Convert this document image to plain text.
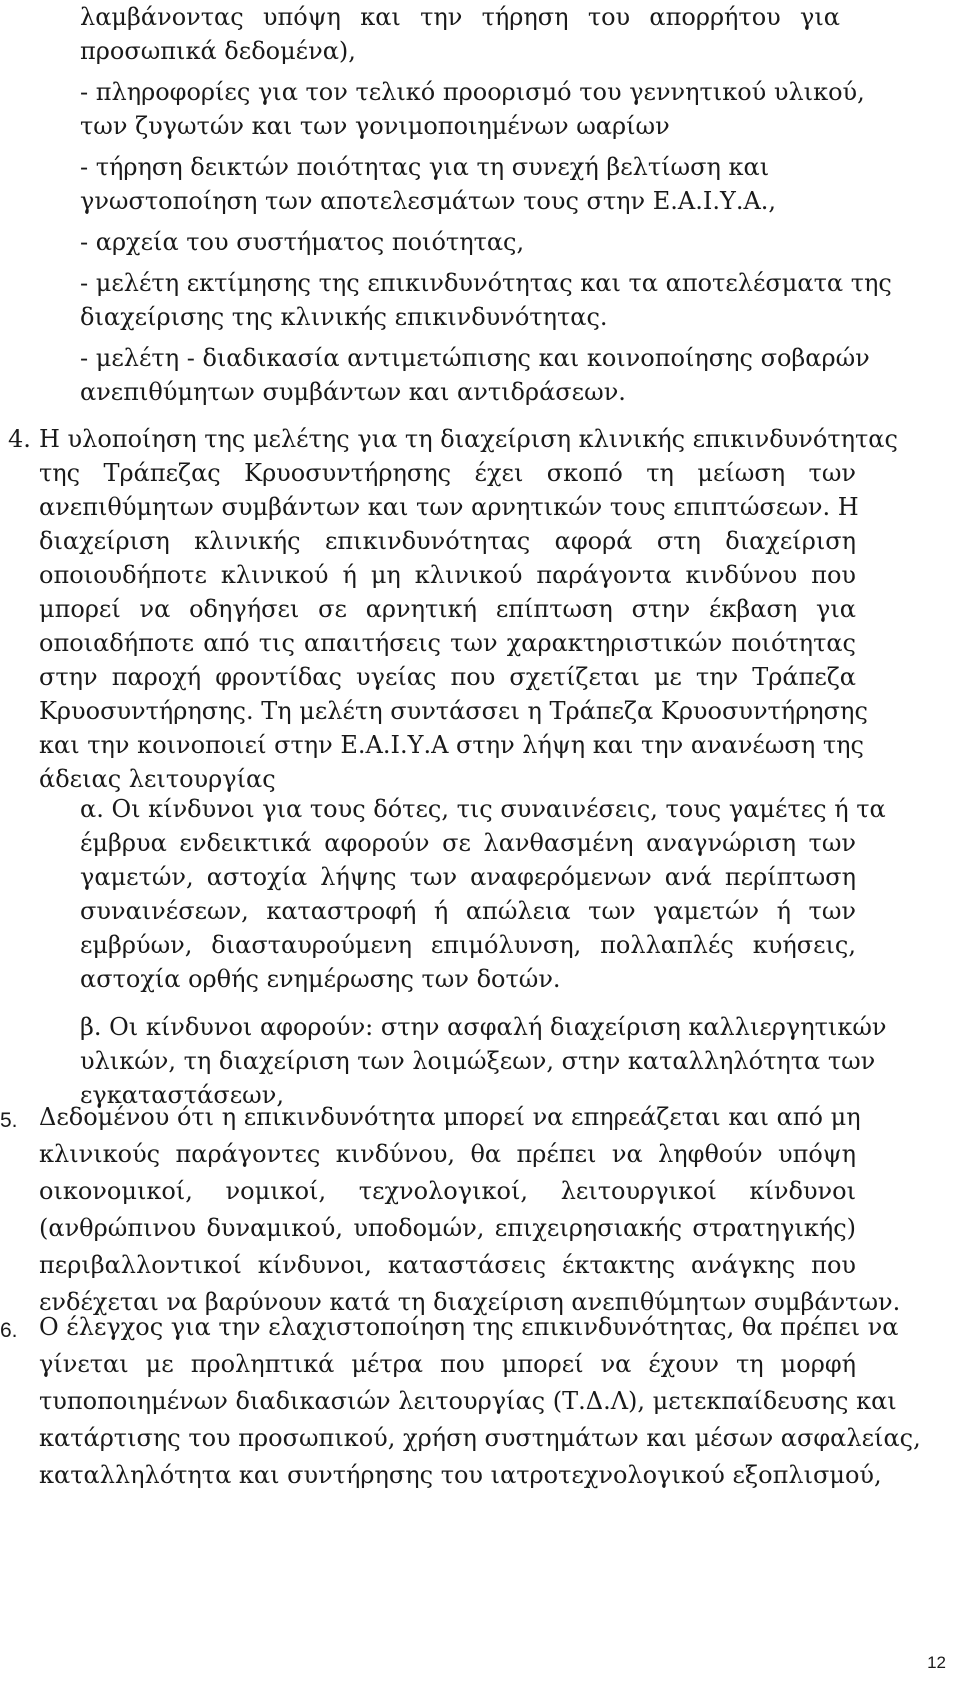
λαμβάνοντας υπόψη και την τήρηση του απορρήτου για
προσωπικά δεδομένα),
- πληροφορίες για τον τελικό προορισμό του γεννητικού υλικού,
των ζυγωτών και των γονιμοποιημένων ωαρίων
- τήρηση δεικτών ποιότητας για τη συνεχή βελτίωση και
γνωστοποίηση των αποτελεσμάτων τους στην Ε.Α.Ι.Υ.Α.,
- αρχεία του συστήματος ποιότητας,
- μελέτη εκτίμησης της επικινδυνότητας και τα αποτελέσματα της
διαχείρισης της κλινικής επικινδυνότητας.
- μελέτη - διαδικασία αντιμετώπισης και κοινοποίησης σοβαρών
ανεπιθύμητων συμβάντων και αντιδράσεων.
4. Η υλοποίηση της μελέτης για τη διαχείριση κλινικής επικινδυνότητας
της Τράπεζας Κρυοσυντήρησης έχει σκοπό τη μείωση των
ανεπιθύμητων συμβάντων και των αρνητικών τους επιπτώσεων. Η
διαχείριση κλινικής επικινδυνότητας αφορά στη διαχείριση
οποιουδήποτε κλινικού ή μη κλινικού παράγοντα κινδύνου που
μπορεί να οδηγήσει σε αρνητική επίπτωση στην έκβαση για
οποιαδήποτε από τις απαιτήσεις των χαρακτηριστικών ποιότητας
στην παροχή φροντίδας υγείας που σχετίζεται με την Τράπεζα
Κρυοσυντήρησης. Τη μελέτη συντάσσει η Τράπεζα Κρυοσυντήρησης
και την κοινοποιεί στην Ε.Α.Ι.Υ.Α στην λήψη και την ανανέωση της
άδειας λειτουργίας
α. Οι κίνδυνοι για τους δότες, τις συναινέσεις, τους γαμέτες ή τα
έμβρυα ενδεικτικά αφορούν σε λανθασμένη αναγνώριση των
γαμετών, αστοχία λήψης των αναφερόμενων ανά περίπτωση
συναινέσεων, καταστροφή ή απώλεια των γαμετών ή των
εμβρύων, διασταυρούμενη επιμόλυνση, πολλαπλές κυήσεις,
αστοχία ορθής ενημέρωσης των δοτών.
β. Οι κίνδυνοι αφορούν: στην ασφαλή διαχείριση καλλιεργητικών
υλικών, τη διαχείριση των λοιμώξεων, στην καταλληλότητα των
εγκαταστάσεων,
5. Δεδομένου ότι η επικινδυνότητα μπορεί να επηρεάζεται και από μη
κλινικούς παράγοντες κινδύνου, θα πρέπει να ληφθούν υπόψη
οικονομικοί, νομικοί, τεχνολογικοί, λειτουργικοί κίνδυνοι
(ανθρώπινου δυναμικού, υποδομών, επιχειρησιακής στρατηγικής)
περιβαλλοντικοί κίνδυνοι, καταστάσεις έκτακτης ανάγκης που
ενδέχεται να βαρύνουν κατά τη διαχείριση ανεπιθύμητων συμβάντων.
6. Ο έλεγχος για την ελαχιστοποίηση της επικινδυνότητας, θα πρέπει να
γίνεται με προληπτικά μέτρα που μπορεί να έχουν τη μορφή
τυποποιημένων διαδικασιών λειτουργίας (Τ.Δ.Λ), μετεκπαίδευσης και
κατάρτισης του προσωπικού, χρήση συστημάτων και μέσων ασφαλείας,
καταλληλότητα και συντήρησης του ιατροτεχνολογικού εξοπλισμού,
12
